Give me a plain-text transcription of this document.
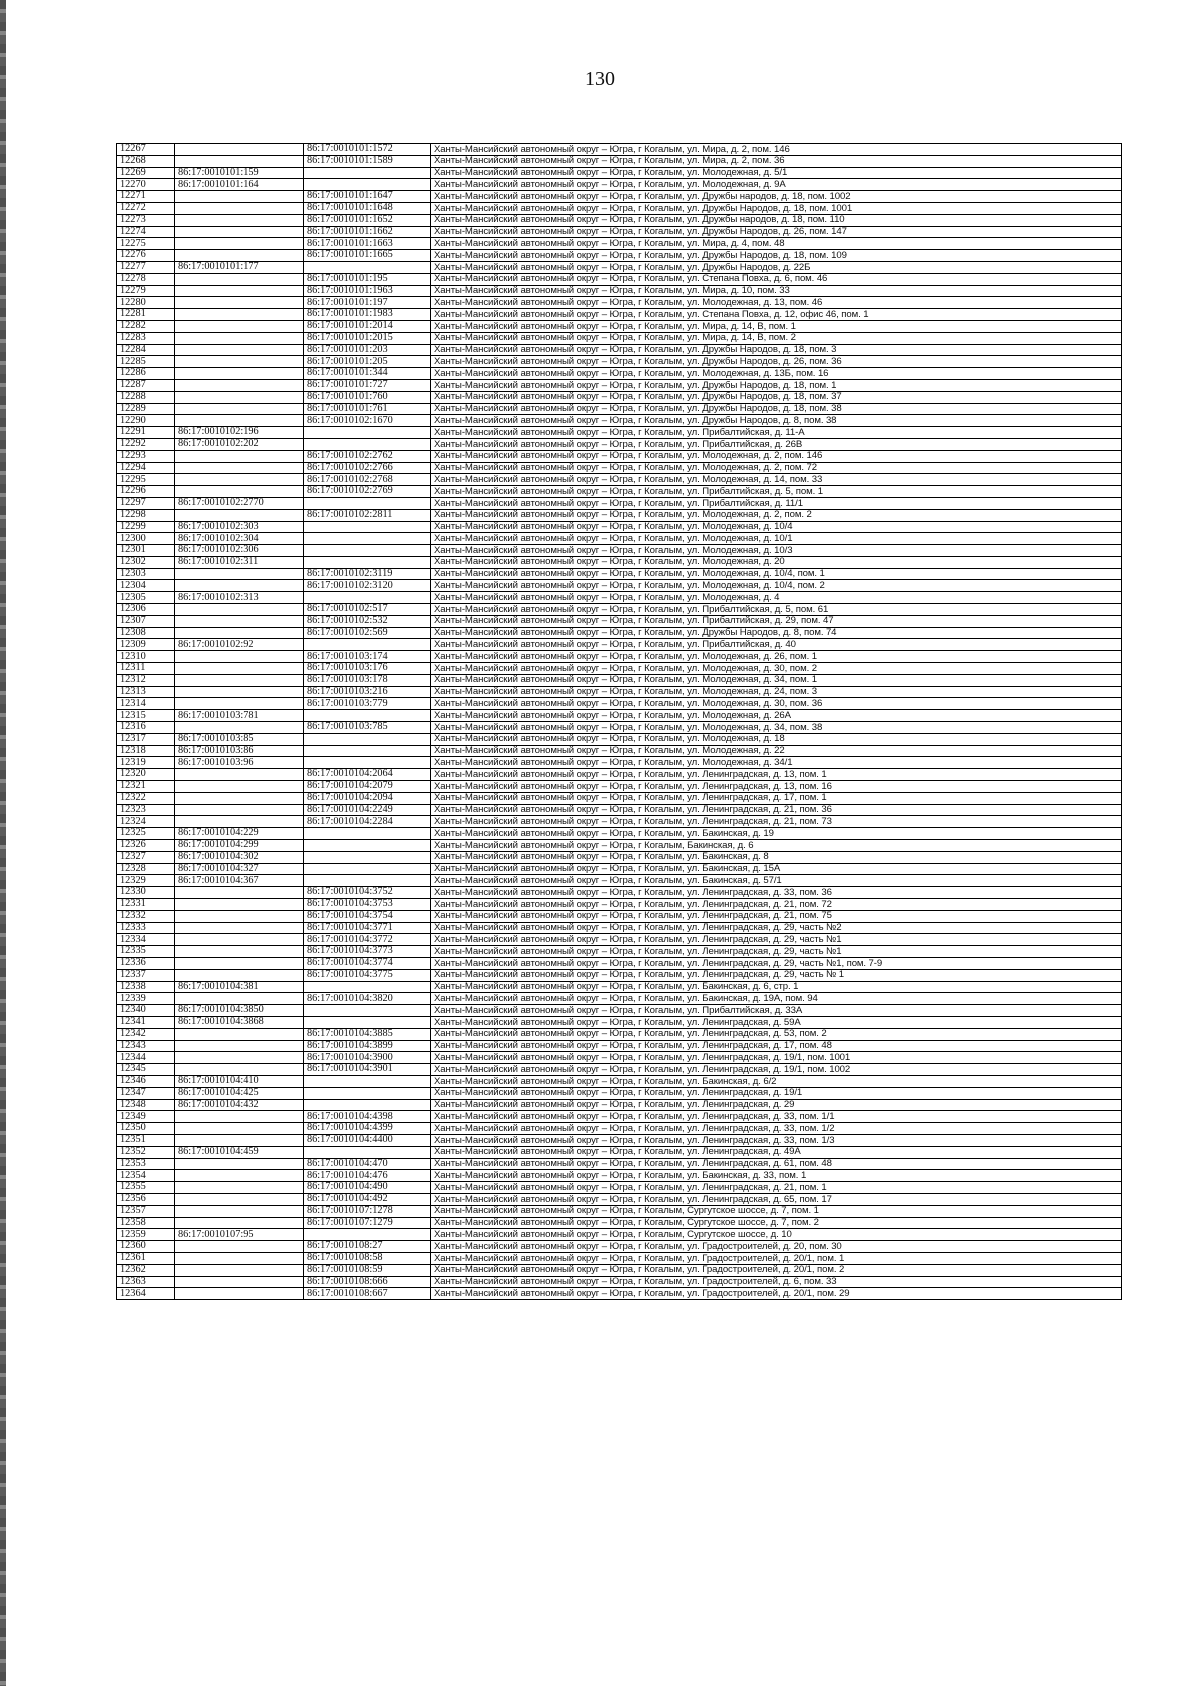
130
12267		86:17:0010101:1572	Ханты-Мансийский автономный округ – Югра, г Когалым, ул. Мира, д. 2, пом. 146
12268		86:17:0010101:1589	Ханты-Мансийский автономный округ – Югра, г Когалым, ул. Мира, д. 2, пом. 36
12269	86:17:0010101:159		Ханты-Мансийский автономный округ – Югра, г Когалым, ул. Молодежная, д. 5/1
12270	86:17:0010101:164		Ханты-Мансийский автономный округ – Югра, г Когалым, ул. Молодежная, д. 9А
12271		86:17:0010101:1647	Ханты-Мансийский автономный округ – Югра, г Когалым, ул. Дружбы народов, д. 18, пом. 1002
12272		86:17:0010101:1648	Ханты-Мансийский автономный округ – Югра, г Когалым, ул. Дружбы Народов, д. 18, пом. 1001
12273		86:17:0010101:1652	Ханты-Мансийский автономный округ – Югра, г Когалым, ул. Дружбы народов, д. 18, пом. 110
12274		86:17:0010101:1662	Ханты-Мансийский автономный округ – Югра, г Когалым, ул. Дружбы Народов, д. 26, пом. 147
12275		86:17:0010101:1663	Ханты-Мансийский автономный округ – Югра, г Когалым, ул. Мира, д. 4, пом. 48
12276		86:17:0010101:1665	Ханты-Мансийский автономный округ – Югра, г Когалым, ул. Дружбы Народов, д. 18, пом. 109
12277	86:17:0010101:177		Ханты-Мансийский автономный округ – Югра, г Когалым, ул. Дружбы Народов, д. 22Б
12278		86:17:0010101:195	Ханты-Мансийский автономный округ – Югра, г Когалым, ул. Степана Повха, д. 6, пом. 46
12279		86:17:0010101:1963	Ханты-Мансийский автономный округ – Югра, г Когалым, ул. Мира, д. 10, пом. 33
12280		86:17:0010101:197	Ханты-Мансийский автономный округ – Югра, г Когалым, ул. Молодежная, д. 13, пом. 46
12281		86:17:0010101:1983	Ханты-Мансийский автономный округ – Югра, г Когалым, ул. Степана Повха, д. 12, офис 46, пом. 1
12282		86:17:0010101:2014	Ханты-Мансийский автономный округ – Югра, г Когалым, ул. Мира, д. 14, В, пом. 1
12283		86:17:0010101:2015	Ханты-Мансийский автономный округ – Югра, г Когалым, ул. Мира, д. 14, В, пом. 2
12284		86:17:0010101:203	Ханты-Мансийский автономный округ – Югра, г Когалым, ул. Дружбы Народов, д. 18, пом. 3
12285		86:17:0010101:205	Ханты-Мансийский автономный округ – Югра, г Когалым, ул. Дружбы Народов, д. 26, пом. 36
12286		86:17:0010101:344	Ханты-Мансийский автономный округ – Югра, г Когалым, ул. Молодежная, д. 13Б, пом. 16
12287		86:17:0010101:727	Ханты-Мансийский автономный округ – Югра, г Когалым, ул. Дружбы Народов, д. 18, пом. 1
12288		86:17:0010101:760	Ханты-Мансийский автономный округ – Югра, г Когалым, ул. Дружбы Народов, д. 18, пом. 37
12289		86:17:0010101:761	Ханты-Мансийский автономный округ – Югра, г Когалым, ул. Дружбы Народов, д. 18, пом. 38
12290		86:17:0010102:1670	Ханты-Мансийский автономный округ – Югра, г Когалым, ул. Дружбы Народов, д. 8, пом. 38
12291	86:17:0010102:196		Ханты-Мансийский автономный округ – Югра, г Когалым, ул. Прибалтийская, д. 11-А
12292	86:17:0010102:202		Ханты-Мансийский автономный округ – Югра, г Когалым, ул. Прибалтийская, д. 26В
12293		86:17:0010102:2762	Ханты-Мансийский автономный округ – Югра, г Когалым, ул. Молодежная, д. 2, пом. 146
12294		86:17:0010102:2766	Ханты-Мансийский автономный округ – Югра, г Когалым, ул. Молодежная, д. 2, пом. 72
12295		86:17:0010102:2768	Ханты-Мансийский автономный округ – Югра, г Когалым, ул. Молодежная, д. 14, пом. 33
12296		86:17:0010102:2769	Ханты-Мансийский автономный округ – Югра, г Когалым, ул. Прибалтийская, д. 5, пом. 1
12297	86:17:0010102:2770		Ханты-Мансийский автономный округ – Югра, г Когалым, ул. Прибалтийская, д. 11/1
12298		86:17:0010102:2811	Ханты-Мансийский автономный округ – Югра, г Когалым, ул. Молодежная, д. 2, пом. 2
12299	86:17:0010102:303		Ханты-Мансийский автономный округ – Югра, г Когалым, ул. Молодежная, д. 10/4
12300	86:17:0010102:304		Ханты-Мансийский автономный округ – Югра, г Когалым, ул. Молодежная, д. 10/1
12301	86:17:0010102:306		Ханты-Мансийский автономный округ – Югра, г Когалым, ул. Молодежная, д. 10/3
12302	86:17:0010102:311		Ханты-Мансийский автономный округ – Югра, г Когалым, ул. Молодежная, д. 20
12303		86:17:0010102:3119	Ханты-Мансийский автономный округ – Югра, г Когалым, ул. Молодежная, д. 10/4, пом. 1
12304		86:17:0010102:3120	Ханты-Мансийский автономный округ – Югра, г Когалым, ул. Молодежная, д. 10/4, пом. 2
12305	86:17:0010102:313		Ханты-Мансийский автономный округ – Югра, г Когалым, ул. Молодежная, д. 4
12306		86:17:0010102:517	Ханты-Мансийский автономный округ – Югра, г Когалым, ул. Прибалтийская, д. 5, пом. 61
12307		86:17:0010102:532	Ханты-Мансийский автономный округ – Югра, г Когалым, ул. Прибалтийская, д. 29, пом. 47
12308		86:17:0010102:569	Ханты-Мансийский автономный округ – Югра, г Когалым, ул. Дружбы Народов, д. 8, пом. 74
12309	86:17:0010102:92		Ханты-Мансийский автономный округ – Югра, г Когалым, ул. Прибалтийская, д. 40
12310		86:17:0010103:174	Ханты-Мансийский автономный округ – Югра, г Когалым, ул. Молодежная, д. 26, пом. 1
12311		86:17:0010103:176	Ханты-Мансийский автономный округ – Югра, г Когалым, ул. Молодежная, д. 30, пом. 2
12312		86:17:0010103:178	Ханты-Мансийский автономный округ – Югра, г Когалым, ул. Молодежная, д. 34, пом. 1
12313		86:17:0010103:216	Ханты-Мансийский автономный округ – Югра, г Когалым, ул. Молодежная, д. 24, пом. 3
12314		86:17:0010103:779	Ханты-Мансийский автономный округ – Югра, г Когалым, ул. Молодежная, д. 30, пом. 36
12315	86:17:0010103:781		Ханты-Мансийский автономный округ – Югра, г Когалым, ул. Молодежная, д. 26А
12316		86:17:0010103:785	Ханты-Мансийский автономный округ – Югра, г Когалым, ул. Молодежная, д. 34, пом. 38
12317	86:17:0010103:85		Ханты-Мансийский автономный округ – Югра, г Когалым, ул. Молодежная, д. 18
12318	86:17:0010103:86		Ханты-Мансийский автономный округ – Югра, г Когалым, ул. Молодежная, д. 22
12319	86:17:0010103:96		Ханты-Мансийский автономный округ – Югра, г Когалым, ул. Молодежная, д. 34/1
12320		86:17:0010104:2064	Ханты-Мансийский автономный округ – Югра, г Когалым, ул. Ленинградская, д. 13, пом. 1
12321		86:17:0010104:2079	Ханты-Мансийский автономный округ – Югра, г Когалым, ул. Ленинградская, д. 13, пом. 16
12322		86:17:0010104:2094	Ханты-Мансийский автономный округ – Югра, г Когалым, ул. Ленинградская, д. 17, пом. 1
12323		86:17:0010104:2249	Ханты-Мансийский автономный округ – Югра, г Когалым, ул. Ленинградская, д. 21, пом. 36
12324		86:17:0010104:2284	Ханты-Мансийский автономный округ – Югра, г Когалым, ул. Ленинградская, д. 21, пом. 73
12325	86:17:0010104:229		Ханты-Мансийский автономный округ – Югра, г Когалым, ул. Бакинская, д. 19
12326	86:17:0010104:299		Ханты-Мансийский автономный округ – Югра, г Когалым, Бакинская, д. 6
12327	86:17:0010104:302		Ханты-Мансийский автономный округ – Югра, г Когалым, ул. Бакинская, д. 8
12328	86:17:0010104:327		Ханты-Мансийский автономный округ – Югра, г Когалым, ул. Бакинская, д. 15А
12329	86:17:0010104:367		Ханты-Мансийский автономный округ – Югра, г Когалым, ул. Бакинская, д. 57/1
12330		86:17:0010104:3752	Ханты-Мансийский автономный округ – Югра, г Когалым, ул. Ленинградская, д. 33, пом. 36
12331		86:17:0010104:3753	Ханты-Мансийский автономный округ – Югра, г Когалым, ул. Ленинградская, д. 21, пом. 72
12332		86:17:0010104:3754	Ханты-Мансийский автономный округ – Югра, г Когалым, ул. Ленинградская, д. 21, пом. 75
12333		86:17:0010104:3771	Ханты-Мансийский автономный округ – Югра, г Когалым, ул. Ленинградская, д. 29, часть №2
12334		86:17:0010104:3772	Ханты-Мансийский автономный округ – Югра, г Когалым, ул. Ленинградская, д. 29, часть №1
12335		86:17:0010104:3773	Ханты-Мансийский автономный округ – Югра, г Когалым, ул. Ленинградская, д. 29, часть №1
12336		86:17:0010104:3774	Ханты-Мансийский автономный округ – Югра, г Когалым, ул. Ленинградская, д. 29, часть №1, пом. 7-9
12337		86:17:0010104:3775	Ханты-Мансийский автономный округ – Югра, г Когалым, ул. Ленинградская, д. 29, часть № 1
12338	86:17:0010104:381		Ханты-Мансийский автономный округ – Югра, г Когалым, ул. Бакинская, д. 6, стр. 1
12339		86:17:0010104:3820	Ханты-Мансийский автономный округ – Югра, г Когалым, ул. Бакинская, д. 19А, пом. 94
12340	86:17:0010104:3850		Ханты-Мансийский автономный округ – Югра, г Когалым, ул. Прибалтийская, д. 33А
12341	86:17:0010104:3868		Ханты-Мансийский автономный округ – Югра, г Когалым, ул. Ленинградская, д. 59А
12342		86:17:0010104:3885	Ханты-Мансийский автономный округ – Югра, г Когалым, ул. Ленинградская, д. 53, пом. 2
12343		86:17:0010104:3899	Ханты-Мансийский автономный округ – Югра, г Когалым, ул. Ленинградская, д. 17, пом. 48
12344		86:17:0010104:3900	Ханты-Мансийский автономный округ – Югра, г Когалым, ул. Ленинградская, д. 19/1, пом. 1001
12345		86:17:0010104:3901	Ханты-Мансийский автономный округ – Югра, г Когалым, ул. Ленинградская, д. 19/1, пом. 1002
12346	86:17:0010104:410		Ханты-Мансийский автономный округ – Югра, г Когалым, ул. Бакинская, д. 6/2
12347	86:17:0010104:425		Ханты-Мансийский автономный округ – Югра, г Когалым, ул. Ленинградская, д. 19/1
12348	86:17:0010104:432		Ханты-Мансийский автономный округ – Югра, г Когалым, ул. Ленинградская, д. 29
12349		86:17:0010104:4398	Ханты-Мансийский автономный округ – Югра, г Когалым, ул. Ленинградская, д. 33, пом. 1/1
12350		86:17:0010104:4399	Ханты-Мансийский автономный округ – Югра, г Когалым, ул. Ленинградская, д. 33, пом. 1/2
12351		86:17:0010104:4400	Ханты-Мансийский автономный округ – Югра, г Когалым, ул. Ленинградская, д. 33, пом. 1/3
12352	86:17:0010104:459		Ханты-Мансийский автономный округ – Югра, г Когалым, ул. Ленинградская, д. 49А
12353		86:17:0010104:470	Ханты-Мансийский автономный округ – Югра, г Когалым, ул. Ленинградская, д. 61, пом. 48
12354		86:17:0010104:476	Ханты-Мансийский автономный округ – Югра, г Когалым, ул. Бакинская, д. 33, пом. 1
12355		86:17:0010104:490	Ханты-Мансийский автономный округ – Югра, г Когалым, ул. Ленинградская, д. 21, пом. 1
12356		86:17:0010104:492	Ханты-Мансийский автономный округ – Югра, г Когалым, ул. Ленинградская, д. 65, пом. 17
12357		86:17:0010107:1278	Ханты-Мансийский автономный округ – Югра, г Когалым, Сургутское шоссе, д. 7, пом. 1
12358		86:17:0010107:1279	Ханты-Мансийский автономный округ – Югра, г Когалым, Сургутское шоссе, д. 7, пом. 2
12359	86:17:0010107:95		Ханты-Мансийский автономный округ – Югра, г Когалым, Сургутское шоссе, д. 10
12360		86:17:0010108:27	Ханты-Мансийский автономный округ – Югра, г Когалым, ул. Градостроителей, д. 20, пом. 30
12361		86:17:0010108:58	Ханты-Мансийский автономный округ – Югра, г Когалым, ул. Градостроителей, д. 20/1, пом. 1
12362		86:17:0010108:59	Ханты-Мансийский автономный округ – Югра, г Когалым, ул. Градостроителей, д. 20/1, пом. 2
12363		86:17:0010108:666	Ханты-Мансийский автономный округ – Югра, г Когалым, ул. Градостроителей, д. 6, пом. 33
12364		86:17:0010108:667	Ханты-Мансийский автономный округ – Югра, г Когалым, ул. Градостроителей, д. 20/1, пом. 29
